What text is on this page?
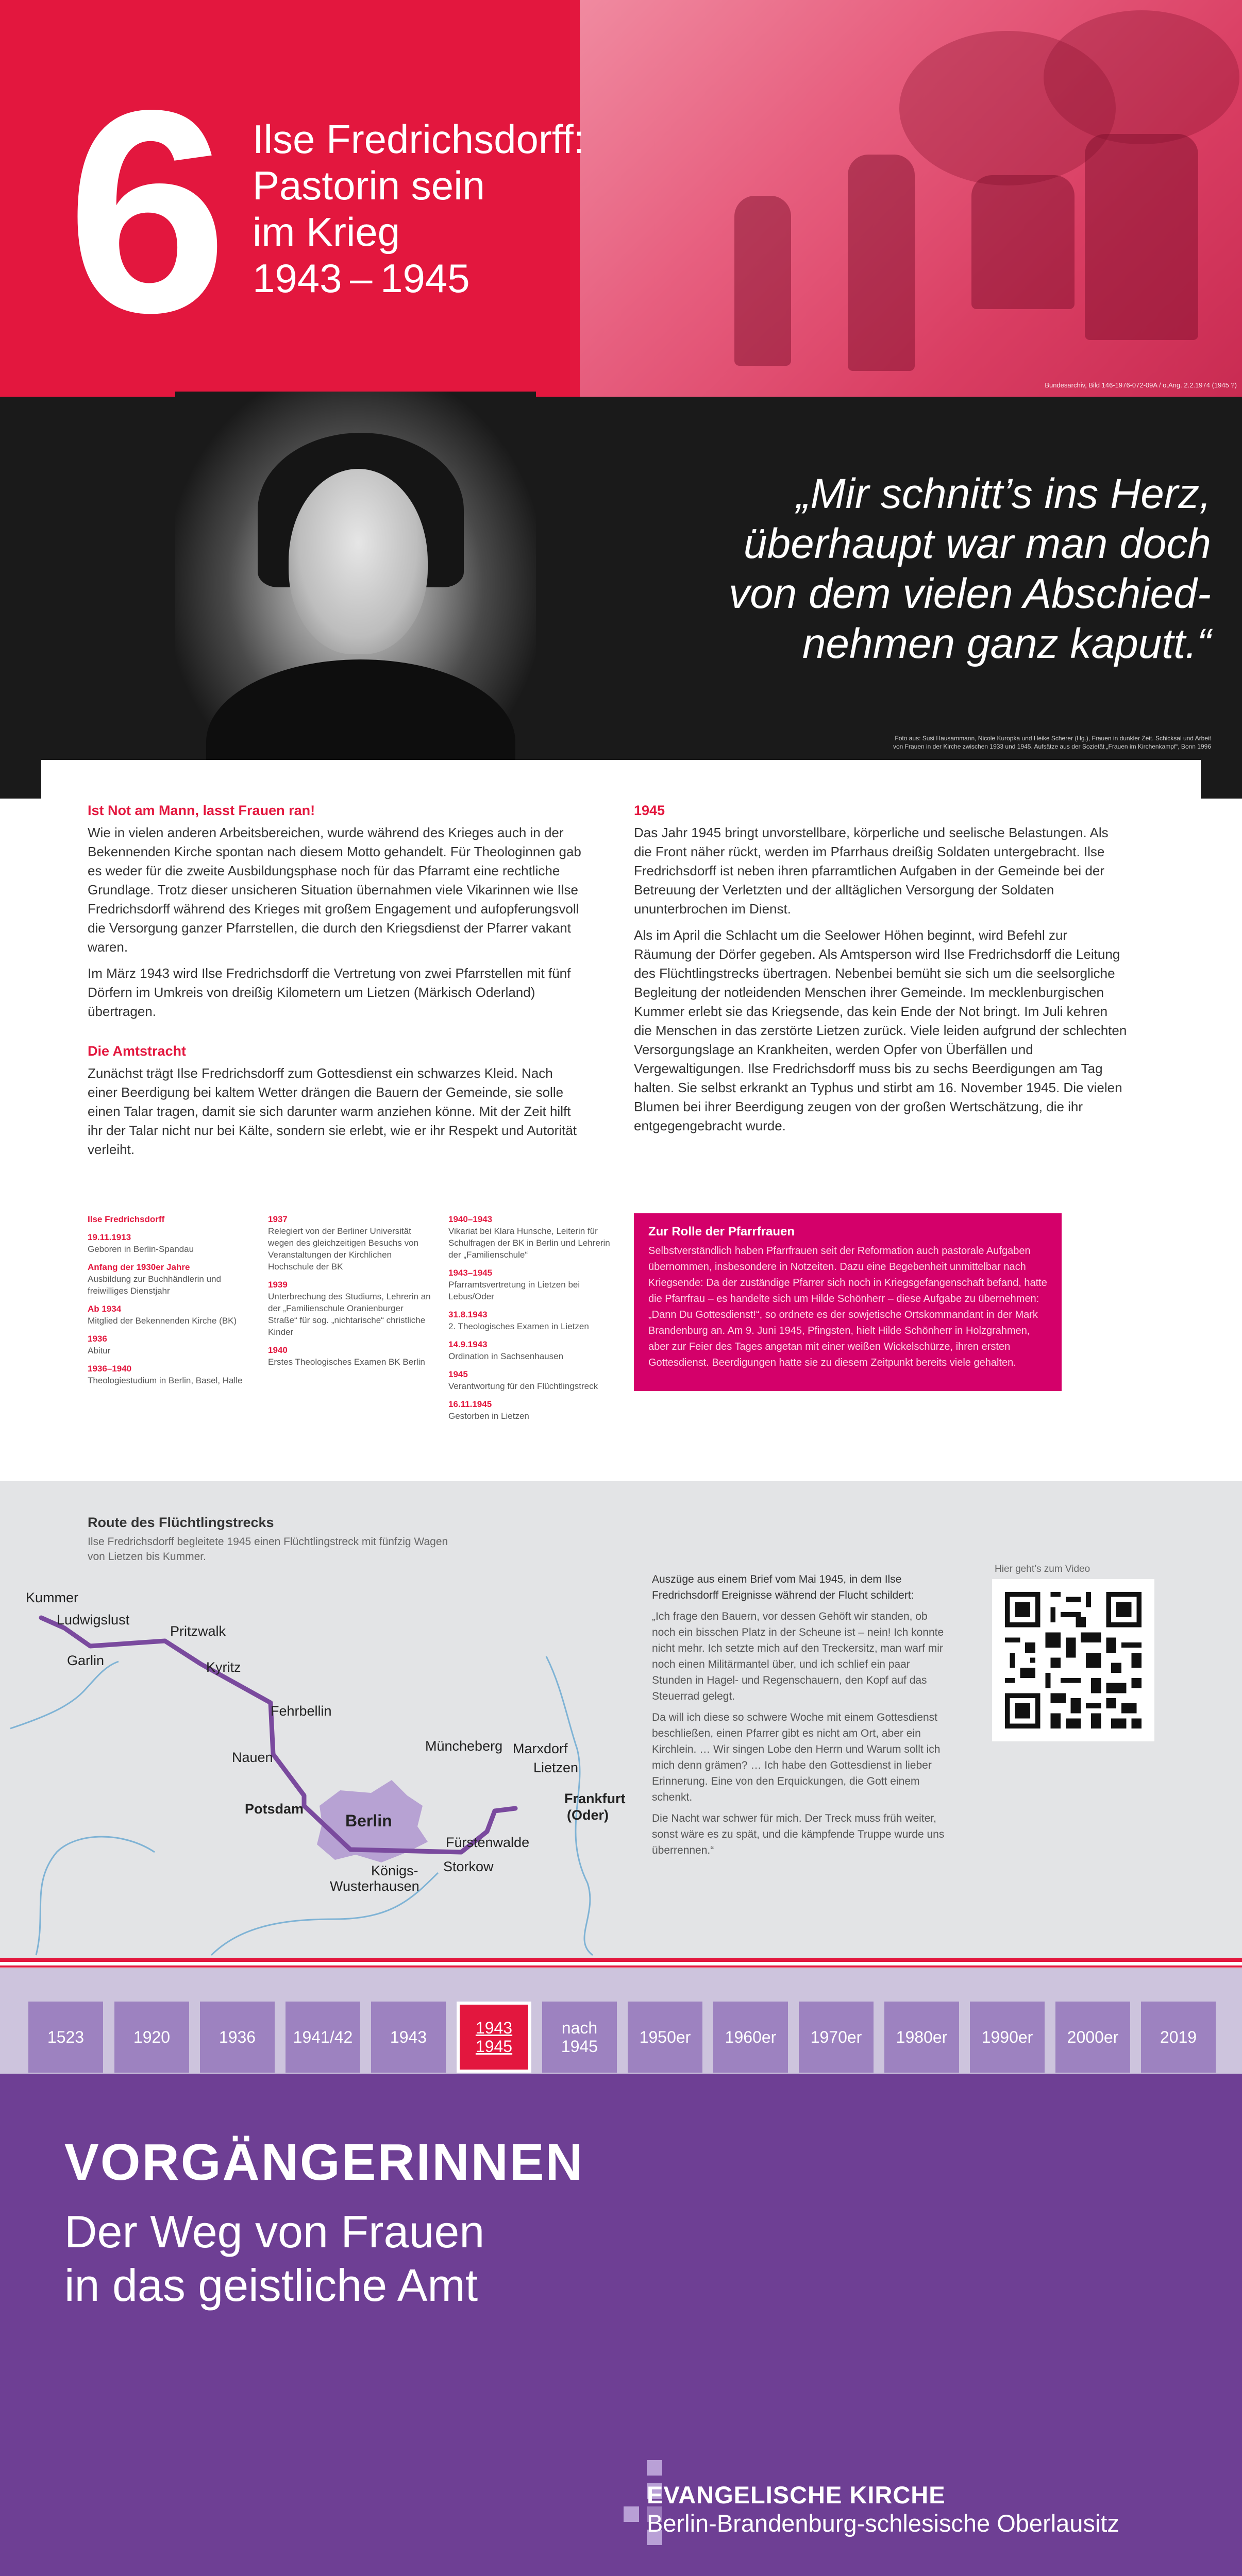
6 Ilse Fredrichsdorff:
Pastorin sein
im Krieg
1943 – 1945
Bundesarchiv, Bild 146-1976-072-09A / o.Ang. 2.2.1974 (1945 ?)
„Mir schnitt’s ins Herz,
überhaupt war man doch
von dem vielen Abschied-
nehmen ganz kaputt.“
Foto aus: Susi Hausammann, Nicole Kuropka und Heike Scherer (Hg.), Frauen in dunkler Zeit. Schicksal und Arbeit
von Frauen in der Kirche zwischen 1933 und 1945. Aufsätze aus der Sozietät „Frauen im Kirchenkampf“, Bonn 1996
Ist Not am Mann, lasst Frauen ran!

Wie in vielen anderen Arbeitsbereichen, wurde während des Krieges auch in der Bekennenden Kirche spontan nach diesem Motto gehandelt. Für Theologinnen gab es weder für die zweite Ausbildungsphase noch für das Pfarramt eine rechtliche Grundlage. Trotz dieser unsicheren Situation übernahmen viele Vikarinnen wie Ilse Fredrichsdorff während des Krieges mit großem Engagement und aufopferungsvoll die Versorgung ganzer Pfarrstellen, die durch den Kriegsdienst der Pfarrer vakant waren.

Im März 1943 wird Ilse Fredrichsdorff die Vertretung von zwei Pfarrstellen mit fünf Dörfern im Umkreis von dreißig Kilometern um Lietzen (Märkisch Oderland) übertragen.

Die Amtstracht

Zunächst trägt Ilse Fredrichsdorff zum Gottesdienst ein schwarzes Kleid. Nach einer Beerdigung bei kaltem Wetter drängen die Bauern der Gemeinde, sie solle einen Talar tragen, damit sie sich darunter warm anziehen könne. Mit der Zeit hilft ihr der Talar nicht nur bei Kälte, sondern sie erlebt, wie er ihr Respekt und Autorität verleiht.

1945

Das Jahr 1945 bringt unvorstellbare, körperliche und seelische Belastungen. Als die Front näher rückt, werden im Pfarrhaus dreißig Soldaten untergebracht. Ilse Fredrichsdorff ist neben ihren pfarramtlichen Aufgaben in der Gemeinde bei der Betreuung der Verletzten und der alltäglichen Versorgung der Soldaten ununterbrochen im Dienst.

Als im April die Schlacht um die Seelower Höhen beginnt, wird Befehl zur Räumung der Dörfer gegeben. Als Amtsperson wird Ilse Fredrichsdorff die Leitung des Flüchtlingstrecks übertragen. Nebenbei bemüht sie sich um die seelsorgliche Begleitung der notleidenden Menschen ihrer Gemeinde. Im mecklenburgischen Kummer erlebt sie das Kriegsende, das kein Ende der Not bringt. Im Juli kehren die Menschen in das zerstörte Lietzen zurück. Viele leiden aufgrund der schlechten Versorgungslage an Krankheiten, werden Opfer von Überfällen und Vergewaltigungen. Ilse Fredrichsdorff muss bis zu sechs Beerdigungen am Tag halten. Sie selbst erkrankt an Typhus und stirbt am 16. November 1945. Die vielen Blumen bei ihrer Beerdigung zeugen von der großen Wertschätzung, die ihr entgegengebracht wurde.

Ilse Fredrichsdorff
19.11.1913
Geboren in Berlin-Spandau
Anfang der 1930er Jahre
Ausbildung zur Buchhändlerin und freiwilliges Dienstjahr
Ab 1934
Mitglied der Bekennenden Kirche (BK)
1936
Abitur
1936–1940
Theologiestudium in Berlin, Basel, Halle
1937
Relegiert von der Berliner Universität wegen des gleichzeitigen Besuchs von Veranstaltungen der Kirchlichen Hochschule der BK
1939
Unterbrechung des Studiums, Lehrerin an der „Familienschule Oranienburger Straße“ für sog. „nichtarische“ christliche Kinder
1940
Erstes Theologisches Examen BK Berlin
1940–1943
Vikariat bei Klara Hunsche, Leiterin für Schulfragen der BK in Berlin und Lehrerin der „Familienschule“
1943–1945
Pfarramtsvertretung in Lietzen bei Lebus/Oder
31.8.1943
2. Theologisches Examen in Lietzen
14.9.1943
Ordination in Sachsenhausen
1945
Verantwortung für den Flüchtlingstreck
16.11.1945
Gestorben in Lietzen
Zur Rolle der Pfarrfrauen

Selbstverständlich haben Pfarrfrauen seit der Reformation auch pastorale Aufgaben übernommen, insbesondere in Notzeiten. Dazu eine Begebenheit unmittelbar nach Kriegsende: Da der zuständige Pfarrer sich noch in Kriegsgefangenschaft befand, hatte die Pfarrfrau – es handelte sich um Hilde Schönherr – diese Aufgabe zu übernehmen: „Dann Du Gottesdienst!“, so ordnete es der sowjetische Ortskommandant in der Mark Brandenburg an. Am 9. Juni 1945, Pfingsten, hielt Hilde Schönherr in Holzgrahmen, aber zur Feier des Tages angetan mit einer weißen Wickelschürze, ihren ersten Gottesdienst. Beerdigungen hatte sie zu diesem Zeitpunkt bereits viele gehalten.

Route des Flüchtlingstrecks
Ilse Fredrichsdorff begleitete 1945 einen Flüchtlingstreck mit fünfzig Wagen von Lietzen bis Kummer.
Kummer
Ludwigslust
Garlin
Pritzwalk
Kyritz
Fehrbellin
Nauen
Potsdam
Berlin
Königs-
Wusterhausen
Storkow
Fürstenwalde
Müncheberg Marxdorf
Lietzen
Frankfurt
(Oder)

Auszüge aus einem Brief vom Mai 1945, in dem Ilse Fredrichsdorff Ereignisse während der Flucht schildert:

„Ich frage den Bauern, vor dessen Gehöft wir standen, ob noch ein bisschen Platz in der Scheune ist – nein! Ich konnte nicht mehr. Ich setzte mich auf den Treckersitz, man warf mir noch einen Militärmantel über, und ich schlief ein paar Stunden in Hagel- und Regenschauern, den Kopf auf das Steuerrad gelegt.

Da will ich diese so schwere Woche mit einem Gottesdienst beschließen, einen Pfarrer gibt es nicht am Ort, aber ein Kirchlein. … Wir singen Lobe den Herrn und Warum sollt ich mich denn grämen? … Ich habe den Gottesdienst in lieber Erinnerung. Eine von den Erquickungen, die Gott einem schenkt.

Die Nacht war schwer für mich. Der Treck muss früh weiter, sonst wäre es zu spät, und die kämpfende Truppe wurde uns überrennen.“

Hier geht’s zum Video
1523	1920	1936	1941/42	1943	1943
1945
nach
1945	1950er	1960er	1970er	1980er	1990er	2000er	2019
VORGÄNGERINNEN
Der Weg von Frauen
in das geistliche Amt
EVANGELISCHE KIRCHE
Berlin-Brandenburg-schlesische Oberlausitz
